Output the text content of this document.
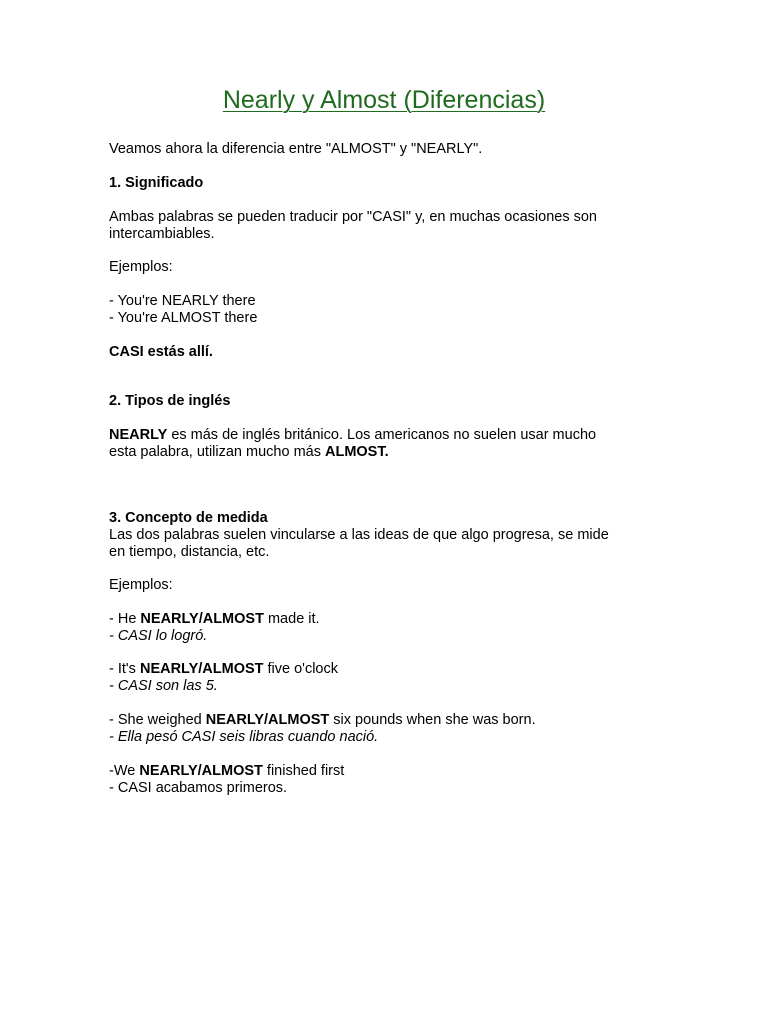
Nearly y Almost (Diferencias)

Veamos ahora la diferencia entre "ALMOST" y "NEARLY".

1. Significado

Ambas palabras se pueden traducir por "CASI" y, en muchas ocasiones son

intercambiables.

Ejemplos:

- You're NEARLY there

- You're ALMOST there

CASI estás allí.

2. Tipos de inglés

NEARLY es más de inglés británico. Los americanos no suelen usar mucho

esta palabra, utilizan mucho más ALMOST.

3. Concepto de medida

Las dos palabras suelen vincularse a las ideas de que algo progresa, se mide

en tiempo, distancia, etc.

Ejemplos:

- He NEARLY/ALMOST made it.

- CASI lo logró.

- It's NEARLY/ALMOST five o'clock

- CASI son las 5.

- She weighed NEARLY/ALMOST six pounds when she was born.

- Ella pesó CASI seis libras cuando nació.

-We NEARLY/ALMOST finished first

- CASI acabamos primeros.
